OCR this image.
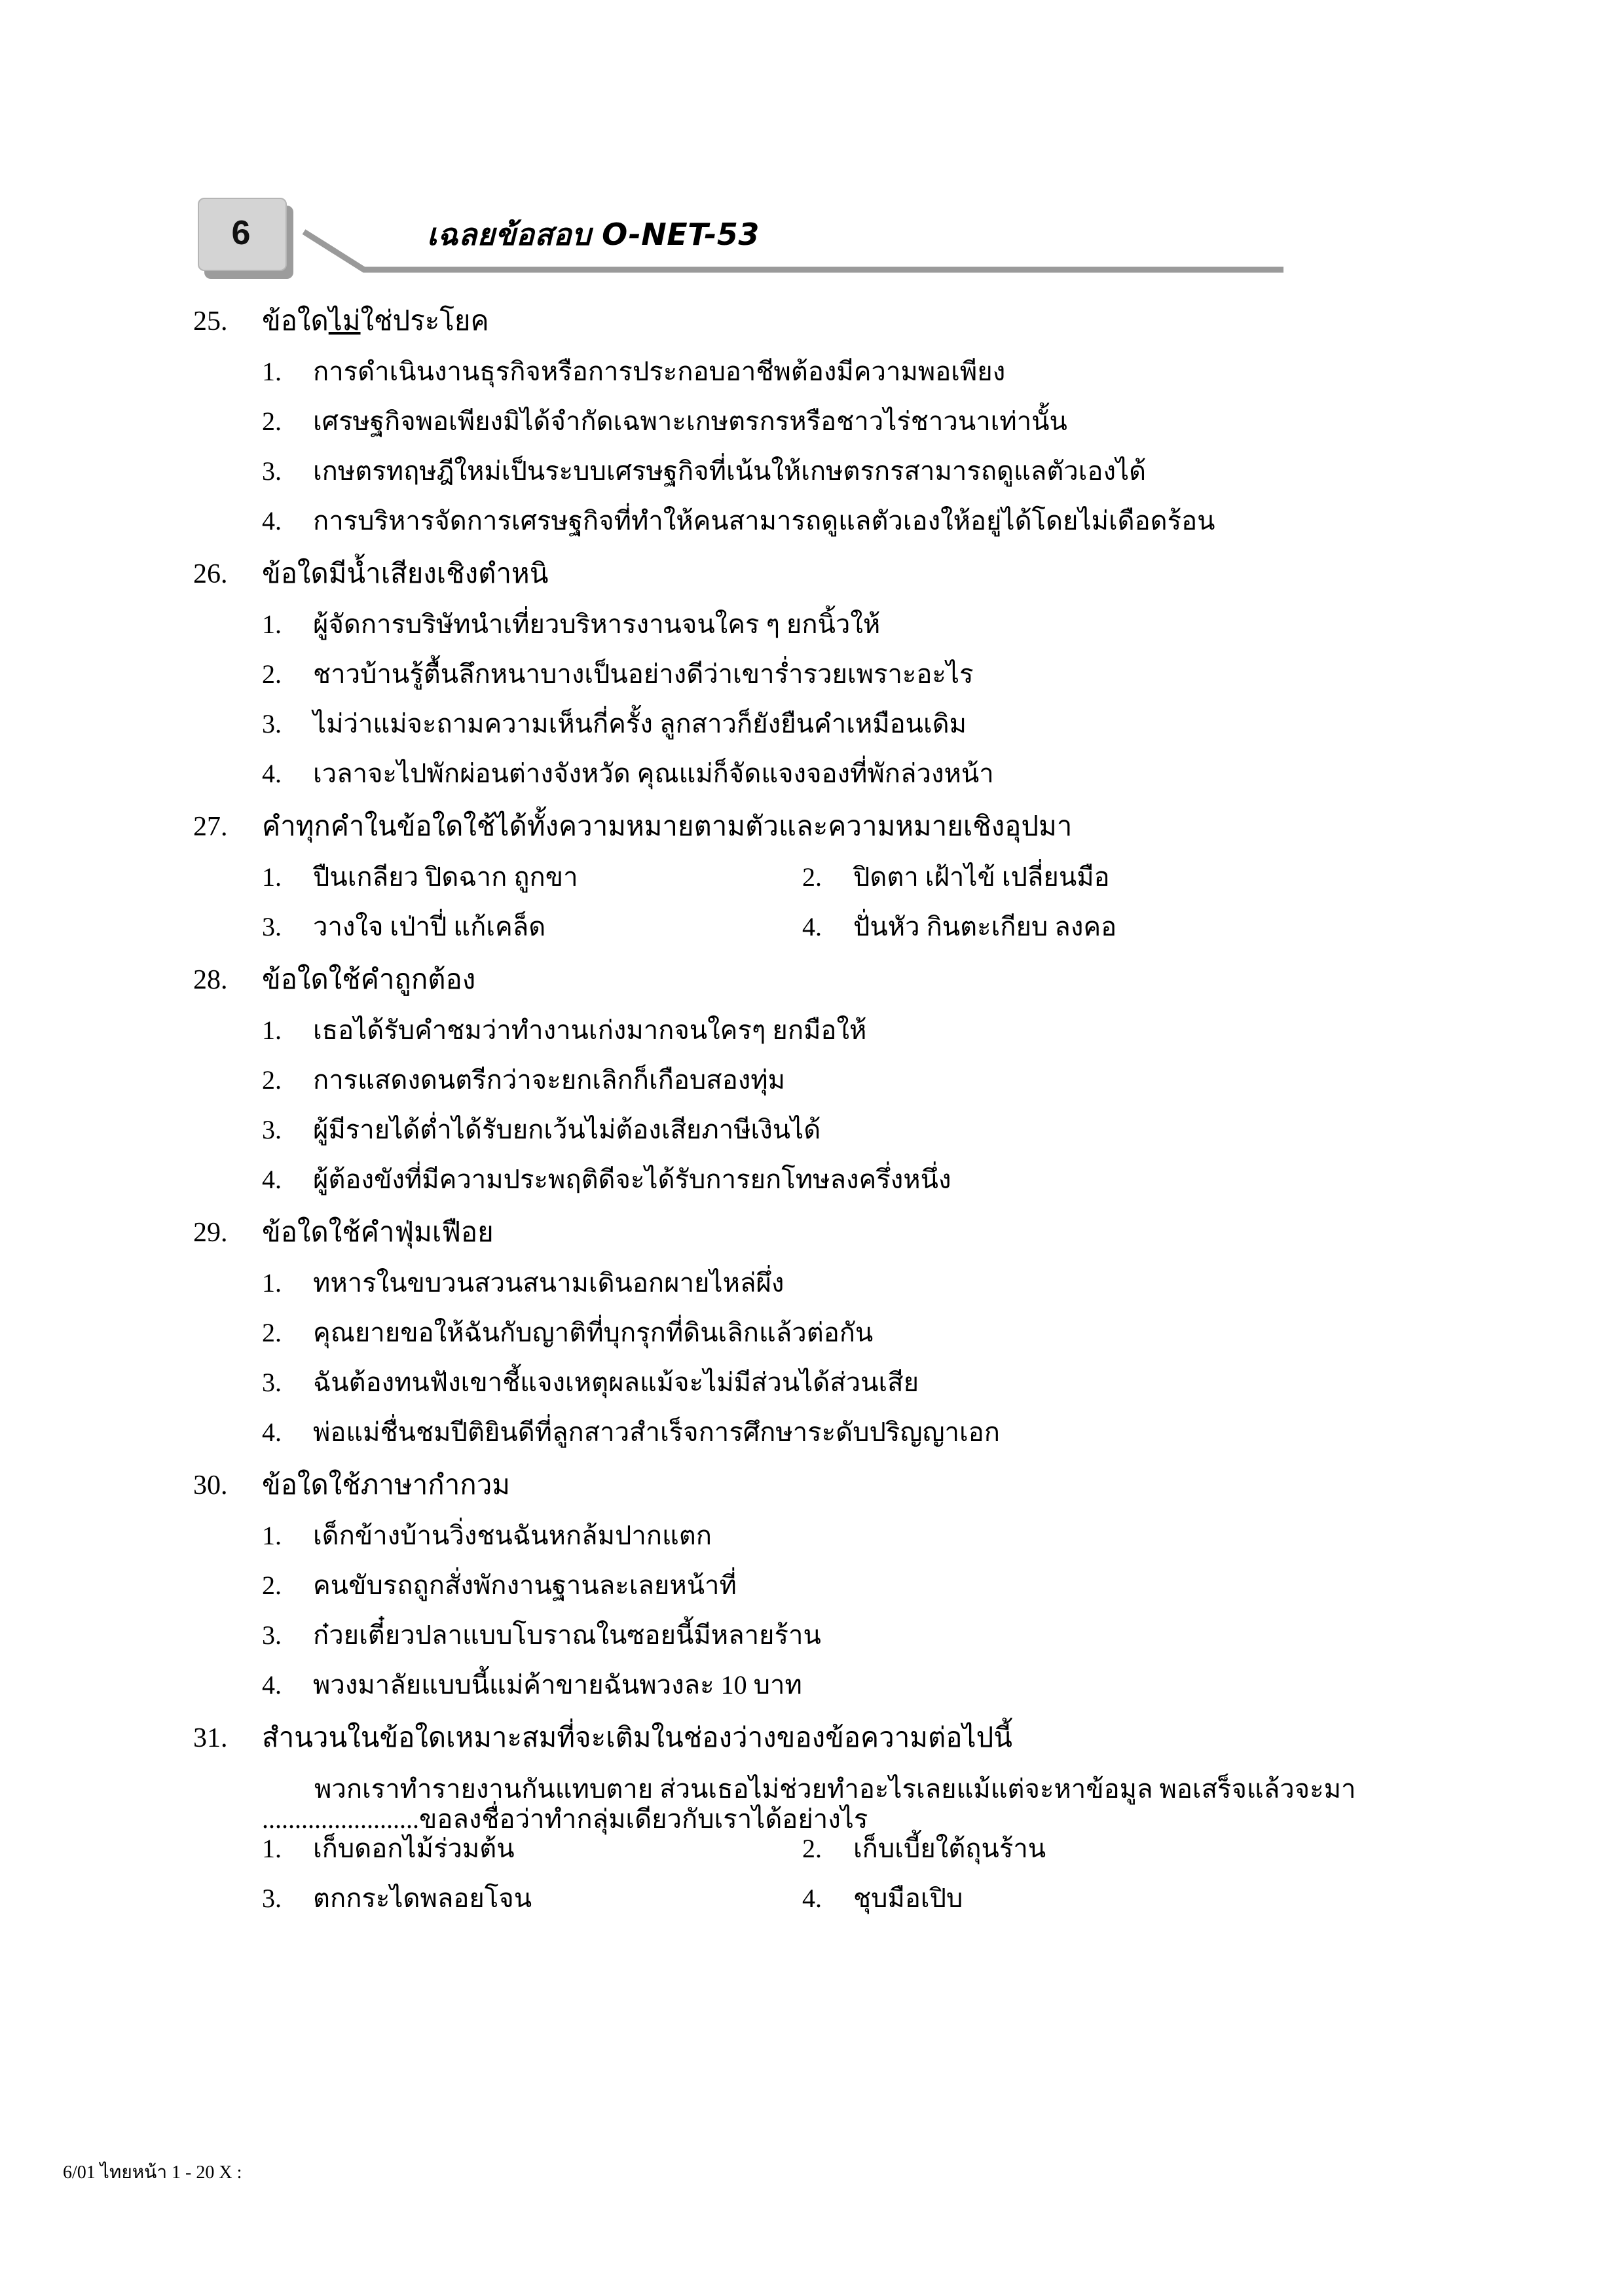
6	เฉลยข้อสอบ O-NET-53
25.	ข้อใดไม่ใช่ประโยค
1.	การดำเนินงานธุรกิจหรือการประกอบอาชีพต้องมีความพอเพียง
2.	เศรษฐกิจพอเพียงมิได้จำกัดเฉพาะเกษตรกรหรือชาวไร่ชาวนาเท่านั้น
3.	เกษตรทฤษฎีใหม่เป็นระบบเศรษฐกิจที่เน้นให้เกษตรกรสามารถดูแลตัวเองได้
4.	การบริหารจัดการเศรษฐกิจที่ทำให้คนสามารถดูแลตัวเองให้อยู่ได้โดยไม่เดือดร้อน
26.	ข้อใดมีน้ำเสียงเชิงตำหนิ
1.	ผู้จัดการบริษัทนำเที่ยวบริหารงานจนใคร ๆ ยกนิ้วให้
2.	ชาวบ้านรู้ตื้นลึกหนาบางเป็นอย่างดีว่าเขาร่ำรวยเพราะอะไร
3.	ไม่ว่าแม่จะถามความเห็นกี่ครั้ง ลูกสาวก็ยังยืนคำเหมือนเดิม
4.	เวลาจะไปพักผ่อนต่างจังหวัด คุณแม่ก็จัดแจงจองที่พักล่วงหน้า
27.	คำทุกคำในข้อใดใช้ได้ทั้งความหมายตามตัวและความหมายเชิงอุปมา
1.	ปืนเกลียว ปิดฉาก ถูกขา	2.	ปิดตา เฝ้าไข้ เปลี่ยนมือ
3.	วางใจ เป่าปี่ แก้เคล็ด	4.	ปั่นหัว กินตะเกียบ ลงคอ
28.	ข้อใดใช้คำถูกต้อง
1.	เธอได้รับคำชมว่าทำงานเก่งมากจนใครๆ ยกมือให้
2.	การแสดงดนตรีกว่าจะยกเลิกก็เกือบสองทุ่ม
3.	ผู้มีรายได้ต่ำได้รับยกเว้นไม่ต้องเสียภาษีเงินได้
4.	ผู้ต้องขังที่มีความประพฤติดีจะได้รับการยกโทษลงครึ่งหนึ่ง
29.	ข้อใดใช้คำฟุ่มเฟือย
1.	ทหารในขบวนสวนสนามเดินอกผายไหล่ผึ่ง
2.	คุณยายขอให้ฉันกับญาติที่บุกรุกที่ดินเลิกแล้วต่อกัน
3.	ฉันต้องทนฟังเขาชี้แจงเหตุผลแม้จะไม่มีส่วนได้ส่วนเสีย
4.	พ่อแม่ชื่นชมปีติยินดีที่ลูกสาวสำเร็จการศึกษาระดับปริญญาเอก
30.	ข้อใดใช้ภาษากำกวม
1.	เด็กข้างบ้านวิ่งชนฉันหกล้มปากแตก
2.	คนขับรถถูกสั่งพักงานฐานละเลยหน้าที่
3.	ก๋วยเตี๋ยวปลาแบบโบราณในซอยนี้มีหลายร้าน
4.	พวงมาลัยแบบนี้แม่ค้าขายฉันพวงละ 10 บาท
31.	สำนวนในข้อใดเหมาะสมที่จะเติมในช่องว่างของข้อความต่อไปนี้
พวกเราทำรายงานกันแทบตาย ส่วนเธอไม่ช่วยทำอะไรเลยแม้แต่จะหาข้อมูล พอเสร็จแล้วจะมา
........................ขอลงชื่อว่าทำกลุ่มเดียวกับเราได้อย่างไร
1.	เก็บดอกไม้ร่วมต้น	2.	เก็บเบี้ยใต้ถุนร้าน
3.	ตกกระไดพลอยโจน	4.	ชุบมือเปิบ
6/01 ไทยหน้า 1 - 20 X :
